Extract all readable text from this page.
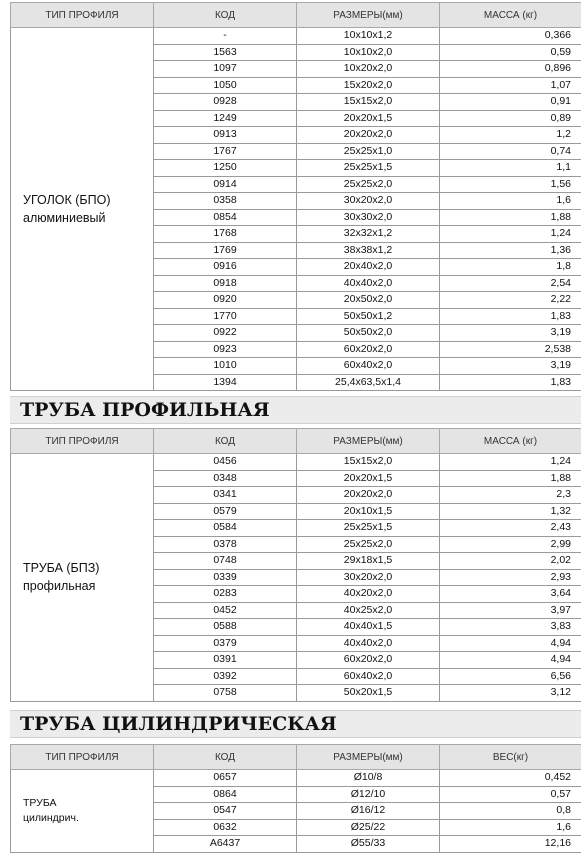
ТИП ПРОФИЛЯ	КОД	РАЗМЕРЫ(мм)	МАССА (кг)

УГОЛОК (БПО)
алюминиевый	-	10х10х1,2	0,366
	1563	10х10х2,0	0,59
	1097	10х20х2,0	0,896
	1050	15х20х2,0	1,07
	0928	15х15х2,0	0,91
	1249	20х20х1,5	0,89
	0913	20х20х2,0	1,2
	1767	25х25х1,0	0,74
	1250	25х25х1,5	1,1
	0914	25х25х2,0	1,56
	0358	30х20х2,0	1,6
	0854	30х30х2,0	1,88
	1768	32х32х1,2	1,24
	1769	38х38х1,2	1,36
	0916	20х40х2,0	1,8
	0918	40х40х2,0	2,54
	0920	20х50х2,0	2,22
	1770	50х50х1,2	1,83
	0922	50х50х2,0	3,19
	0923	60х20х2,0	2,538
	1010	60х40х2,0	3,19
	1394	25,4х63,5х1,4	1,83
ТРУБА ПРОФИЛЬНАЯ
ТИП ПРОФИЛЯ	КОД	РАЗМЕРЫ(мм)	МАССА (кг)

ТРУБА (БПЗ)
профильная	0456	15х15х2,0	1,24
	0348	20х20х1,5	1,88
	0341	20х20х2,0	2,3
	0579	20х10х1,5	1,32
	0584	25х25х1,5	2,43
	0378	25х25х2,0	2,99
	0748	29х18х1,5	2,02
	0339	30х20х2,0	2,93
	0283	40х20х2,0	3,64
	0452	40х25х2,0	3,97
	0588	40х40х1,5	3,83
	0379	40х40х2,0	4,94
	0391	60х20х2,0	4,94
	0392	60х40х2,0	6,56
	0758	50х20х1,5	3,12
ТРУБА ЦИЛИНДРИЧЕСКАЯ
ТИП ПРОФИЛЯ	КОД	РАЗМЕРЫ(мм)	ВЕС(кг)

ТРУБА
цилиндрич.	0657	Ø10/8	0,452
	0864	Ø12/10	0,57
	0547	Ø16/12	0,8
	0632	Ø25/22	1,6
	А6437	Ø55/33	12,16
